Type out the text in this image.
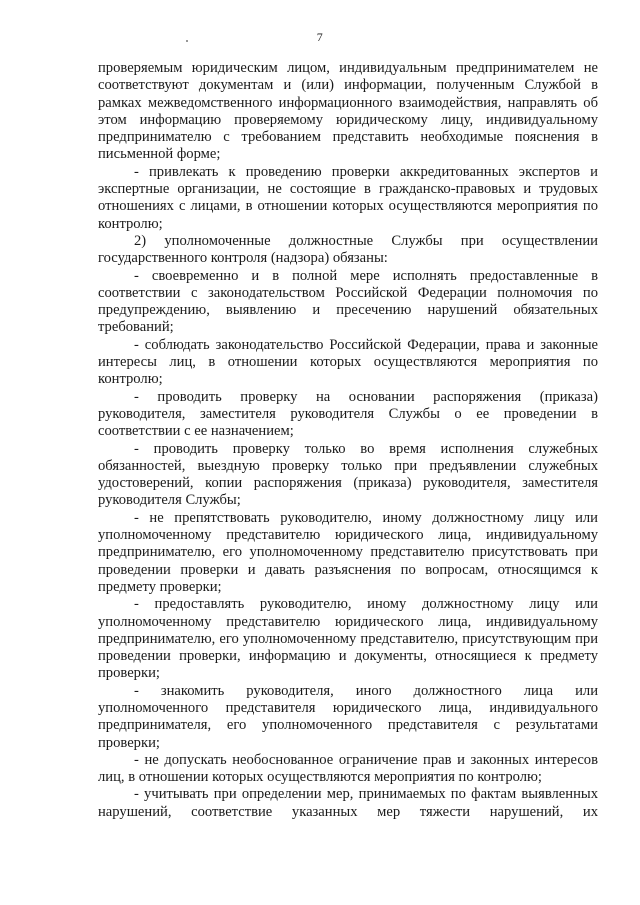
7

проверяемым юридическим лицом, индивидуальным предпринимателем не соответствуют документам и (или) информации, полученным Службой в рамках межведомственного информационного взаимодействия, направлять об этом информацию проверяемому юридическому лицу, индивидуальному предпринимателю с требованием представить необходимые пояснения в письменной форме;

- привлекать к проведению проверки аккредитованных экспертов и экспертные организации, не состоящие в гражданско-правовых и трудовых отношениях с лицами, в отношении которых осуществляются мероприятия по контролю;

2) уполномоченные должностные Службы при осуществлении государственного контроля (надзора) обязаны:

- своевременно и в полной мере исполнять предоставленные в соответствии с законодательством Российской Федерации полномочия по предупреждению, выявлению и пресечению нарушений обязательных требований;

- соблюдать законодательство Российской Федерации, права и законные интересы лиц, в отношении которых осуществляются мероприятия по контролю;

- проводить проверку на основании распоряжения (приказа) руководителя, заместителя руководителя Службы о ее проведении в соответствии с ее назначением;

- проводить проверку только во время исполнения служебных обязанностей, выездную проверку только при предъявлении служебных удостоверений, копии распоряжения (приказа) руководителя, заместителя руководителя Службы;

- не препятствовать руководителю, иному должностному лицу или уполномоченному представителю юридического лица, индивидуальному предпринимателю, его уполномоченному представителю присутствовать при проведении проверки и давать разъяснения по вопросам, относящимся к предмету проверки;

- предоставлять руководителю, иному должностному лицу или уполномоченному представителю юридического лица, индивидуальному предпринимателю, его уполномоченному представителю, присутствующим при проведении проверки, информацию и документы, относящиеся к предмету проверки;

- знакомить руководителя, иного должностного лица или уполномоченного представителя юридического лица, индивидуального предпринимателя, его уполномоченного представителя с результатами проверки;

- не допускать необоснованное ограничение прав и законных интересов лиц, в отношении которых осуществляются мероприятия по контролю;

- учитывать при определении мер, принимаемых по фактам выявленных нарушений, соответствие указанных мер тяжести нарушений, их
